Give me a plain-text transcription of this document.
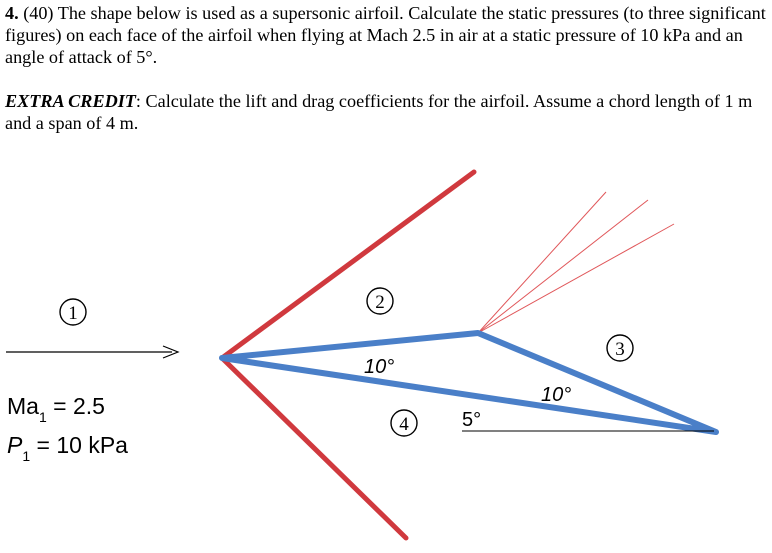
4. (40) The shape below is used as a supersonic airfoil. Calculate the static pressures (to three significant figures) on each face of the airfoil when flying at Mach 2.5 in air at a static pressure of 10 kPa and an angle of attack of 5°.

EXTRA CREDIT: Calculate the lift and drag coefficients for the airfoil. Assume a chord length of 1 m and a span of 4 m.

1
2
3
4
10°
10°
5°
$Ma_1 = 2.5$
$P_1 = 10$ kPa
